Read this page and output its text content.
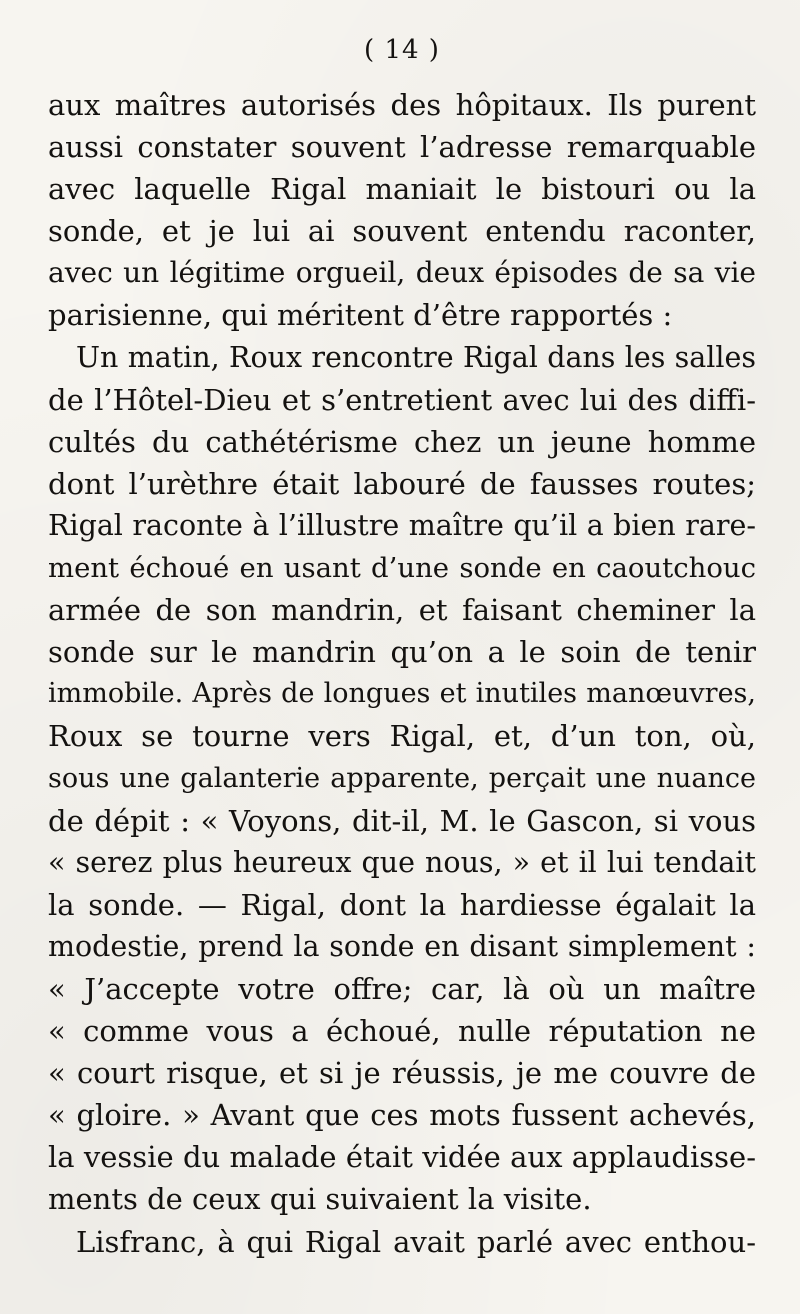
( 14 )
aux maîtres autorisés des hôpitaux. Ils purent
aussi constater souvent l’adresse remarquable
avec laquelle Rigal maniait le bistouri ou la
sonde, et je lui ai souvent entendu raconter,
avec un légitime orgueil, deux épisodes de sa vie
parisienne, qui méritent d’être rapportés :
Un matin, Roux rencontre Rigal dans les salles
de l’Hôtel-Dieu et s’entretient avec lui des diffi-
cultés du cathétérisme chez un jeune homme
dont l’urèthre était labouré de fausses routes;
Rigal raconte à l’illustre maître qu’il a bien rare-
ment échoué en usant d’une sonde en caoutchouc
armée de son mandrin, et faisant cheminer la
sonde sur le mandrin qu’on a le soin de tenir
immobile. Après de longues et inutiles manœuvres,
Roux se tourne vers Rigal, et, d’un ton, où,
sous une galanterie apparente, perçait une nuance
de dépit : « Voyons, dit-il, M. le Gascon, si vous
« serez plus heureux que nous, » et il lui tendait
la sonde. — Rigal, dont la hardiesse égalait la
modestie, prend la sonde en disant simplement :
« J’accepte votre offre; car, là où un maître
« comme vous a échoué, nulle réputation ne
« court risque, et si je réussis, je me couvre de
« gloire. » Avant que ces mots fussent achevés,
la vessie du malade était vidée aux applaudisse-
ments de ceux qui suivaient la visite.
Lisfranc, à qui Rigal avait parlé avec enthou-
